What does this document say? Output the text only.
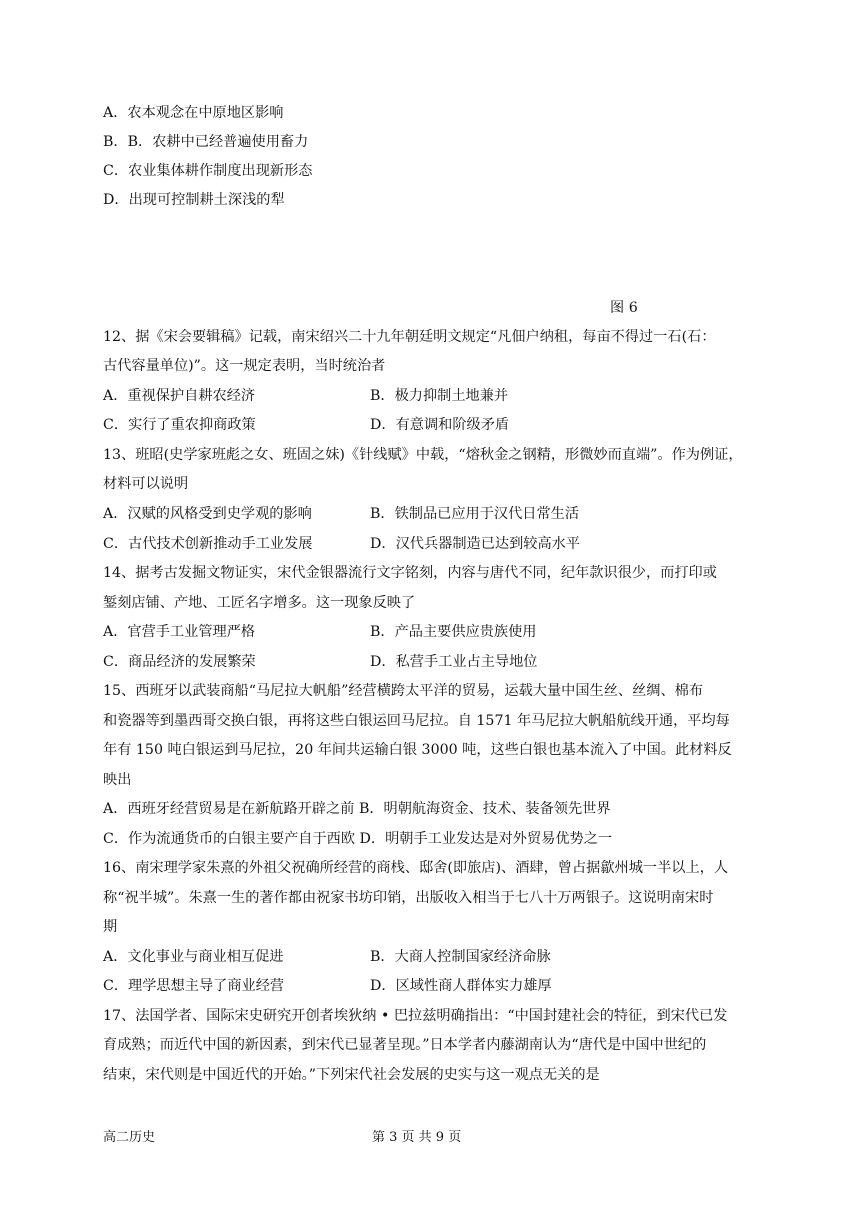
A．农本观念在中原地区影响
B．B．农耕中已经普遍使用畜力
C．农业集体耕作制度出现新形态
D．出现可控制耕土深浅的犁
图 6
12、据《宋会要辑稿》记载，南宋绍兴二十九年朝廷明文规定“凡佃户纳租，每亩不得过一石(石：
古代容量单位)”。这一规定表明，当时统治者
A．重视保护自耕农经济	B．极力抑制土地兼并
C．实行了重农抑商政策	D．有意调和阶级矛盾
13、班昭(史学家班彪之女、班固之妹)《针线赋》中载，“熔秋金之钢精，形微妙而直端”。作为例证，
材料可以说明
A．汉赋的风格受到史学观的影响	B．铁制品已应用于汉代日常生活
C．古代技术创新推动手工业发展	D．汉代兵器制造已达到较高水平
14、据考古发掘文物证实，宋代金银器流行文字铭刻，内容与唐代不同，纪年款识很少，而打印或
錾刻店铺、产地、工匠名字增多。这一现象反映了
A．官营手工业管理严格	B．产品主要供应贵族使用
C．商品经济的发展繁荣	D．私营手工业占主导地位
15、西班牙以武装商船“马尼拉大帆船”经营横跨太平洋的贸易，运载大量中国生丝、丝绸、棉布
和瓷器等到墨西哥交换白银，再将这些白银运回马尼拉。自 1571 年马尼拉大帆船航线开通，平均每
年有 150 吨白银运到马尼拉，20 年间共运输白银 3000 吨，这些白银也基本流入了中国。此材料反
映出
A．西班牙经营贸易是在新航路开辟之前 B．明朝航海资金、技术、装备领先世界
C．作为流通货币的白银主要产自于西欧 D．明朝手工业发达是对外贸易优势之一
16、南宋理学家朱熹的外祖父祝确所经营的商栈、邸舍(即旅店)、酒肆，曾占据歙州城一半以上，人
称“祝半城”。朱熹一生的著作都由祝家书坊印销，出版收入相当于七八十万两银子。这说明南宋时
期
A．文化事业与商业相互促进	B．大商人控制国家经济命脉
C．理学思想主导了商业经营	D．区域性商人群体实力雄厚
17、法国学者、国际宋史研究开创者埃狄纳 • 巴拉兹明确指出：“中国封建社会的特征，到宋代已发
育成熟；而近代中国的新因素，到宋代已显著呈现。”日本学者内藤湖南认为“唐代是中国中世纪的
结束，宋代则是中国近代的开始。”下列宋代社会发展的史实与这一观点无关的是
高二历史	第 3 页 共 9 页
